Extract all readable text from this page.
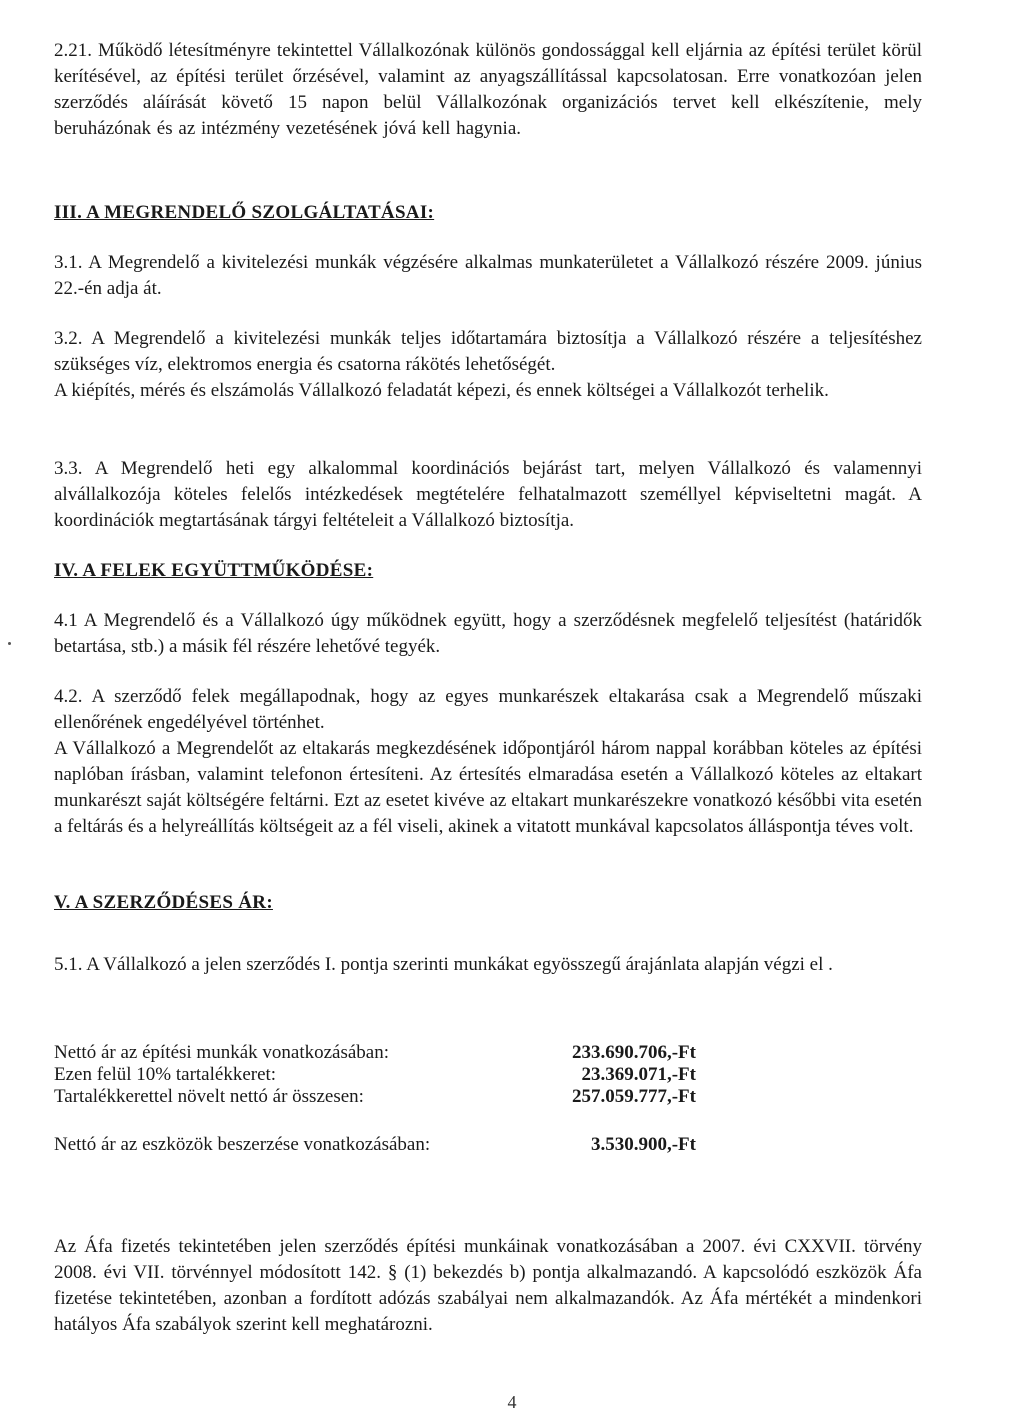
2.21. Működő létesítményre tekintettel Vállalkozónak különös gondossággal kell eljárnia az építési terület körül kerítésével, az építési terület őrzésével, valamint az anyagszállítással kapcsolatosan. Erre vonatkozóan jelen szerződés aláírását követő 15 napon belül Vállalkozónak organizációs tervet kell elkészítenie, mely beruházónak és az intézmény vezetésének jóvá kell hagynia.

III. A MEGRENDELŐ SZOLGÁLTATÁSAI:

3.1. A Megrendelő a kivitelezési munkák végzésére alkalmas munkaterületet a Vállalkozó részére 2009. június 22.-én adja át.

3.2. A Megrendelő a kivitelezési munkák teljes időtartamára biztosítja a Vállalkozó részére a teljesítéshez szükséges víz, elektromos energia és csatorna rákötés lehetőségét.

A kiépítés, mérés és elszámolás Vállalkozó feladatát képezi, és ennek költségei a Vállalkozót terhelik.

3.3. A Megrendelő heti egy alkalommal koordinációs bejárást tart, melyen Vállalkozó és valamennyi alvállalkozója köteles felelős intézkedések megtételére felhatalmazott személlyel képviseltetni magát. A koordinációk megtartásának tárgyi feltételeit a Vállalkozó biztosítja.

IV. A FELEK EGYÜTTMŰKÖDÉSE:

4.1 A Megrendelő és a Vállalkozó úgy működnek együtt, hogy a szerződésnek megfelelő teljesítést (határidők betartása, stb.) a másik fél részére lehetővé tegyék.

4.2. A szerződő felek megállapodnak, hogy az egyes munkarészek eltakarása csak a Megrendelő műszaki ellenőrének engedélyével történhet.

A Vállalkozó a Megrendelőt az eltakarás megkezdésének időpontjáról három nappal korábban köteles az építési naplóban írásban, valamint telefonon értesíteni. Az értesítés elmaradása esetén a Vállalkozó köteles az eltakart munkarészt saját költségére feltárni. Ezt az esetet kivéve az eltakart munkarészekre vonatkozó későbbi vita esetén a feltárás és a helyreállítás költségeit az a fél viseli, akinek a vitatott munkával kapcsolatos álláspontja téves volt.

V. A SZERZŐDÉSES ÁR:

5.1. A Vállalkozó a jelen szerződés I. pontja szerinti munkákat egyösszegű árajánlata alapján végzi el .

Nettó ár az építési munkák vonatkozásában:	233.690.706,-Ft
Ezen felül 10% tartalékkeret:	23.369.071,-Ft
Tartalékkerettel növelt nettó ár összesen:	257.059.777,-Ft
Nettó ár az eszközök beszerzése vonatkozásában:	3.530.900,-Ft

Az Áfa fizetés tekintetében jelen szerződés építési munkáinak vonatkozásában a 2007. évi CXXVII. törvény 2008. évi VII. törvénnyel módosított 142. § (1) bekezdés b) pontja alkalmazandó. A kapcsolódó eszközök Áfa fizetése tekintetében, azonban a fordított adózás szabályai nem alkalmazandók. Az Áfa mértékét a mindenkori hatályos Áfa szabályok szerint kell meghatározni.

4
